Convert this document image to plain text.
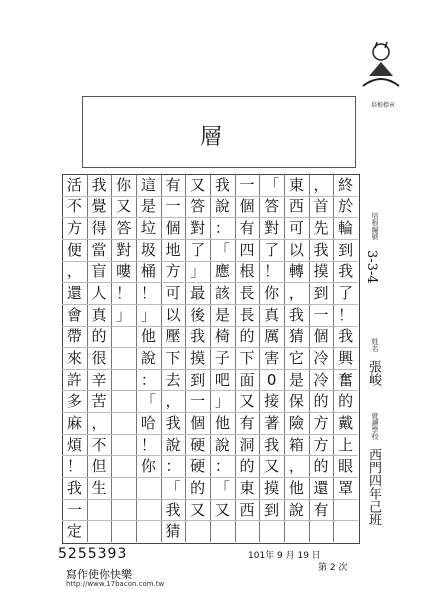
培根標章
層
終
於
輪
到
我
了
！
我
興
奮
的
戴
上
眼
罩
，
首
先
我
摸
到
一
個
冷
冷
的
方
方
的
還
有
東
西
可
以
轉
，
我
猜
它
是
保
險
箱
，
他
說
「
答
對
了
！
你
真
厲
害
0
接
著
我
又
摸
到
一
個
有
四
根
長
長
的
下
面
又
有
洞
的
東
西
我
說
：
「
應
該
是
椅
子
吧
」
他
說
：
「
又
又
答
對
了
」
最
後
我
摸
到
一
個
硬
硬
的
又
有
一
個
地
方
可
以
壓
下
去
，
我
說
：
「
我
猜
這
是
垃
圾
桶
！
」
他
說
：
「
哈
！
你
你
又
答
對
嘍
！
」
我
覺
得
當
盲
人
真
的
很
辛
苦
，
不
但
生
活
不
方
便
，
還
會
帶
來
許
多
麻
煩
！
我
一
定
培根編號
3-3-4
姓名
張峻
就讀學校
西門四年己班
5255393
寫作使你快樂
http://www.17bacon.com.tw
101年 9 月 19 日
第 2 次
